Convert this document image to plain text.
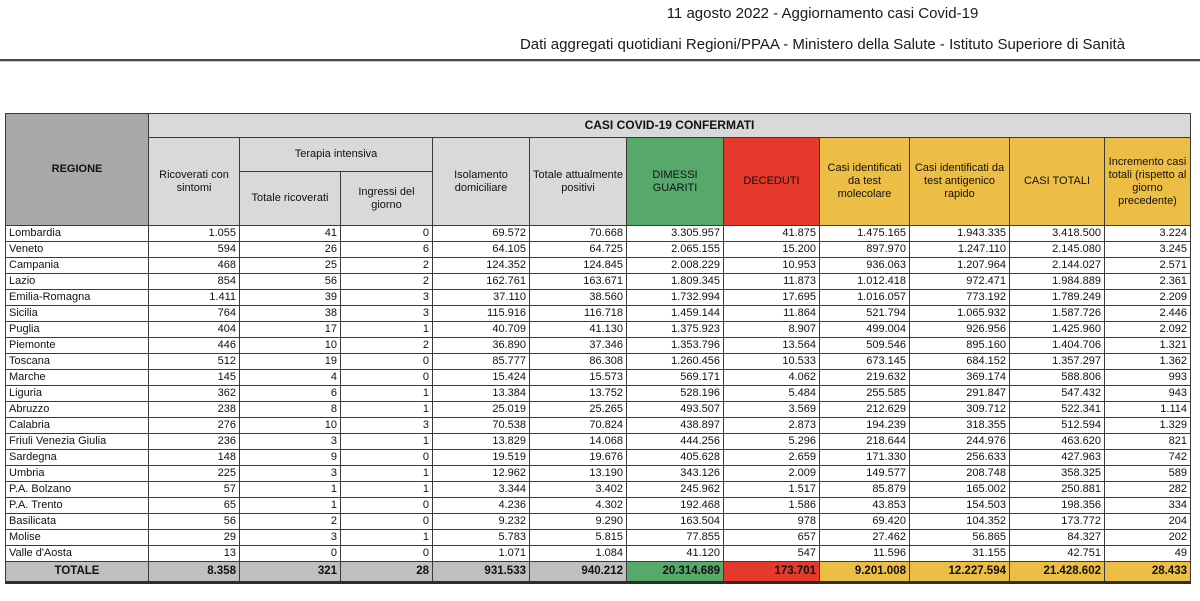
11 agosto 2022 - Aggiornamento casi Covid-19
Dati aggregati quotidiani Regioni/PPAA - Ministero della Salute - Istituto Superiore di Sanità
REGIONE	CASI COVID-19 CONFERMATI										
	Ricoverati con sintomi	Terapia intensiva		Isolamento domiciliare	Totale attualmente positivi	DIMESSI GUARITI	DECEDUTI	Casi identificati da test molecolare	Casi identificati da test antigenico rapido	CASI TOTALI	Incremento casi totali (rispetto al giorno precedente)
		Totale ricoverati	Ingressi del giorno								
Lombardia	1.055	41	0	69.572	70.668	3.305.957	41.875	1.475.165	1.943.335	3.418.500	3.224
Veneto	594	26	6	64.105	64.725	2.065.155	15.200	897.970	1.247.110	2.145.080	3.245
Campania	468	25	2	124.352	124.845	2.008.229	10.953	936.063	1.207.964	2.144.027	2.571
Lazio	854	56	2	162.761	163.671	1.809.345	11.873	1.012.418	972.471	1.984.889	2.361
Emilia-Romagna	1.411	39	3	37.110	38.560	1.732.994	17.695	1.016.057	773.192	1.789.249	2.209
Sicilia	764	38	3	115.916	116.718	1.459.144	11.864	521.794	1.065.932	1.587.726	2.446
Puglia	404	17	1	40.709	41.130	1.375.923	8.907	499.004	926.956	1.425.960	2.092
Piemonte	446	10	2	36.890	37.346	1.353.796	13.564	509.546	895.160	1.404.706	1.321
Toscana	512	19	0	85.777	86.308	1.260.456	10.533	673.145	684.152	1.357.297	1.362
Marche	145	4	0	15.424	15.573	569.171	4.062	219.632	369.174	588.806	993
Liguria	362	6	1	13.384	13.752	528.196	5.484	255.585	291.847	547.432	943
Abruzzo	238	8	1	25.019	25.265	493.507	3.569	212.629	309.712	522.341	1.114
Calabria	276	10	3	70.538	70.824	438.897	2.873	194.239	318.355	512.594	1.329
Friuli Venezia Giulia	236	3	1	13.829	14.068	444.256	5.296	218.644	244.976	463.620	821
Sardegna	148	9	0	19.519	19.676	405.628	2.659	171.330	256.633	427.963	742
Umbria	225	3	1	12.962	13.190	343.126	2.009	149.577	208.748	358.325	589
P.A. Bolzano	57	1	1	3.344	3.402	245.962	1.517	85.879	165.002	250.881	282
P.A. Trento	65	1	0	4.236	4.302	192.468	1.586	43.853	154.503	198.356	334
Basilicata	56	2	0	9.232	9.290	163.504	978	69.420	104.352	173.772	204
Molise	29	3	1	5.783	5.815	77.855	657	27.462	56.865	84.327	202
Valle d'Aosta	13	0	0	1.071	1.084	41.120	547	11.596	31.155	42.751	49
TOTALE	8.358	321	28	931.533	940.212	20.314.689	173.701	9.201.008	12.227.594	21.428.602	28.433
